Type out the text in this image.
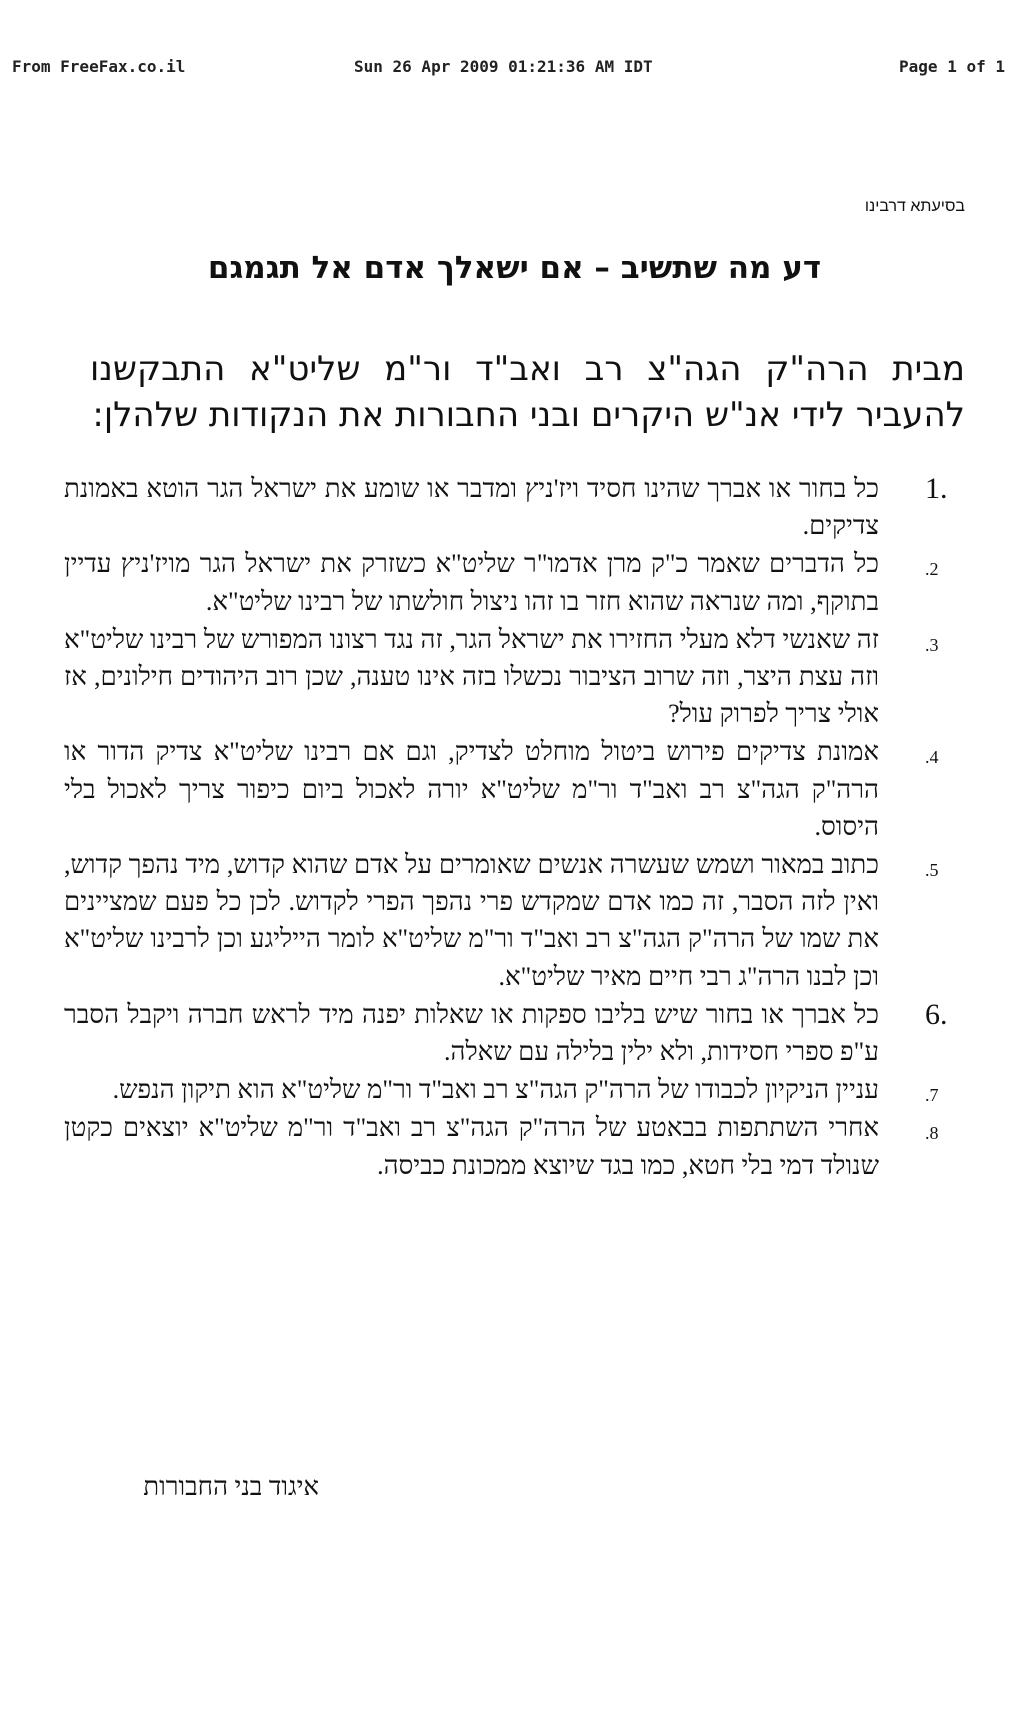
From FreeFax.co.il	Sun 26 Apr 2009 01:21:36 AM IDT	Page 1 of 1
בסיעתא דרבינו
דע מה שתשיב – אם ישאלך אדם אל תגמגם
מבית הרה"ק הגה"צ רב ואב"ד ור"מ שליט"א התבקשנו להעביר לידי אנ"ש היקרים ובני החבורות את הנקודות שלהלן:
1.
כל בחור או אברך שהינו חסיד ויז'ניץ ומדבר או שומע את ישראל הגר הוטא באמונת צדיקים.
.2
כל הדברים שאמר כ"ק מרן אדמו"ר שליט"א כשזרק את ישראל הגר מויז'ניץ עדיין בתוקף, ומה שנראה שהוא חזר בו זהו ניצול חולשתו של רבינו שליט"א.
.3
זה שאנשי דלא מעלי החזירו את ישראל הגר, זה נגד רצונו המפורש של רבינו שליט"א וזה עצת היצר, וזה שרוב הציבור נכשלו בזה אינו טענה, שכן רוב היהודים חילונים, אז אולי צריך לפרוק עול?
.4
אמונת צדיקים פירוש ביטול מוחלט לצדיק, וגם אם רבינו שליט"א צדיק הדור או הרה"ק הגה"צ רב ואב"ד ור"מ שליט"א יורה לאכול ביום כיפור צריך לאכול בלי היסוס.
.5
כתוב במאור ושמש שעשרה אנשים שאומרים על אדם שהוא קדוש, מיד נהפך קדוש, ואין לזה הסבר, זה כמו אדם שמקדש פרי נהפך הפרי לקדוש. לכן כל פעם שמציינים את שמו של הרה"ק הגה"צ רב ואב"ד ור"מ שליט"א לומר הייליגע וכן לרבינו שליט"א וכן לבנו הרה"ג רבי חיים מאיר שליט"א.
6.
כל אברך או בחור שיש בליבו ספקות או שאלות יפנה מיד לראש חברה ויקבל הסבר ע"פ ספרי חסידות, ולא ילין בלילה עם שאלה.
.7
עניין הניקיון לכבודו של הרה"ק הגה"צ רב ואב"ד ור"מ שליט"א הוא תיקון הנפש.
.8
אחרי השתתפות בבאטע של הרה"ק הגה"צ רב ואב"ד ור"מ שליט"א יוצאים כקטן שנולד דמי בלי חטא, כמו בגד שיוצא ממכונת כביסה.
איגוד בני החבורות
